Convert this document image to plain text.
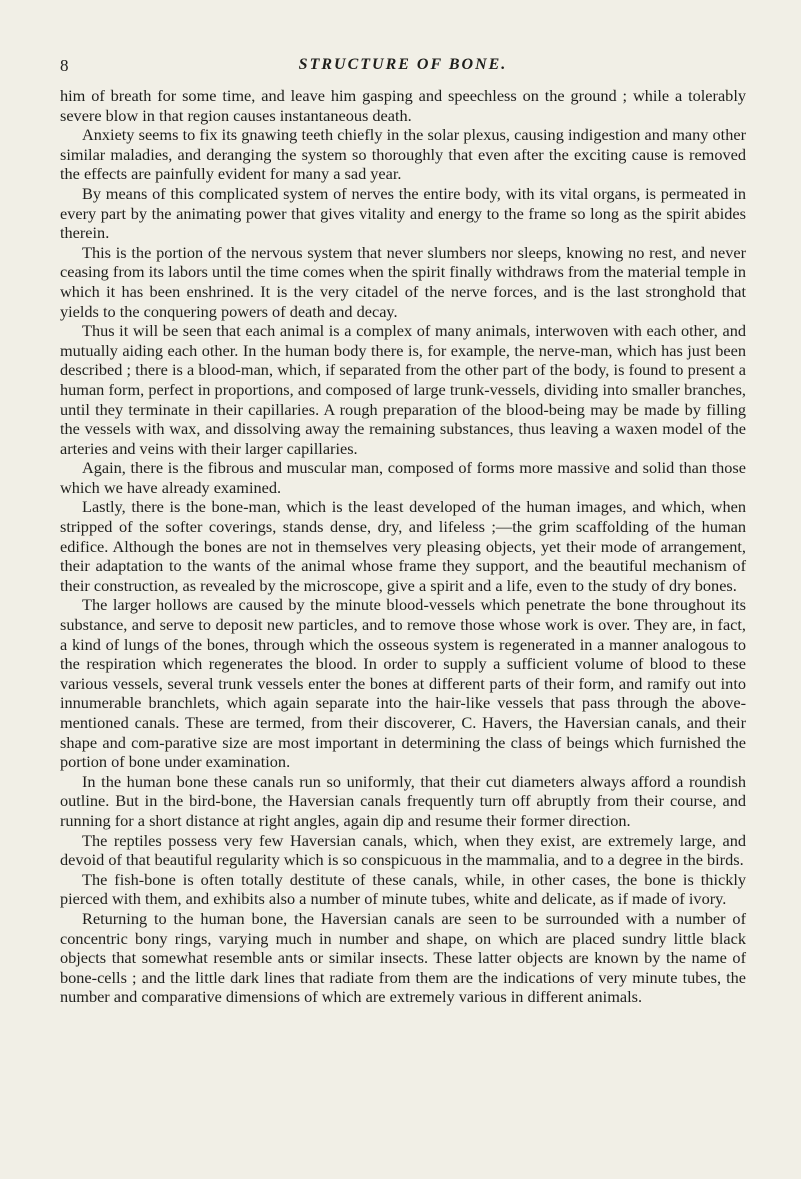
8	STRUCTURE OF BONE.

him of breath for some time, and leave him gasping and speechless on the ground ; while a tolerably severe blow in that region causes instantaneous death.

Anxiety seems to fix its gnawing teeth chiefly in the solar plexus, causing indigestion and many other similar maladies, and deranging the system so thoroughly that even after the exciting cause is removed the effects are painfully evident for many a sad year.

By means of this complicated system of nerves the entire body, with its vital organs, is permeated in every part by the animating power that gives vitality and energy to the frame so long as the spirit abides therein.

This is the portion of the nervous system that never slumbers nor sleeps, knowing no rest, and never ceasing from its labors until the time comes when the spirit finally withdraws from the material temple in which it has been enshrined. It is the very citadel of the nerve forces, and is the last stronghold that yields to the conquering powers of death and decay.

Thus it will be seen that each animal is a complex of many animals, interwoven with each other, and mutually aiding each other. In the human body there is, for example, the nerve-man, which has just been described ; there is a blood-man, which, if separated from the other part of the body, is found to present a human form, perfect in proportions, and composed of large trunk-vessels, dividing into smaller branches, until they terminate in their capillaries. A rough preparation of the blood-being may be made by filling the vessels with wax, and dissolving away the remaining substances, thus leaving a waxen model of the arteries and veins with their larger capillaries.

Again, there is the fibrous and muscular man, composed of forms more massive and solid than those which we have already examined.

Lastly, there is the bone-man, which is the least developed of the human images, and which, when stripped of the softer coverings, stands dense, dry, and lifeless ;—the grim scaffolding of the human edifice. Although the bones are not in themselves very pleasing objects, yet their mode of arrangement, their adaptation to the wants of the animal whose frame they support, and the beautiful mechanism of their construction, as revealed by the microscope, give a spirit and a life, even to the study of dry bones.

The larger hollows are caused by the minute blood-vessels which penetrate the bone throughout its substance, and serve to deposit new particles, and to remove those whose work is over. They are, in fact, a kind of lungs of the bones, through which the osseous system is regenerated in a manner analogous to the respiration which regenerates the blood. In order to supply a sufficient volume of blood to these various vessels, several trunk vessels enter the bones at different parts of their form, and ramify out into innumerable branchlets, which again separate into the hair-like vessels that pass through the above-mentioned canals. These are termed, from their discoverer, C. Havers, the Haversian canals, and their shape and com-parative size are most important in determining the class of beings which furnished the portion of bone under examination.

In the human bone these canals run so uniformly, that their cut diameters always afford a roundish outline. But in the bird-bone, the Haversian canals frequently turn off abruptly from their course, and running for a short distance at right angles, again dip and resume their former direction.

The reptiles possess very few Haversian canals, which, when they exist, are extremely large, and devoid of that beautiful regularity which is so conspicuous in the mammalia, and to a degree in the birds.

The fish-bone is often totally destitute of these canals, while, in other cases, the bone is thickly pierced with them, and exhibits also a number of minute tubes, white and delicate, as if made of ivory.

Returning to the human bone, the Haversian canals are seen to be surrounded with a number of concentric bony rings, varying much in number and shape, on which are placed sundry little black objects that somewhat resemble ants or similar insects. These latter objects are known by the name of bone-cells ; and the little dark lines that radiate from them are the indications of very minute tubes, the number and comparative dimensions of which are extremely various in different animals.
